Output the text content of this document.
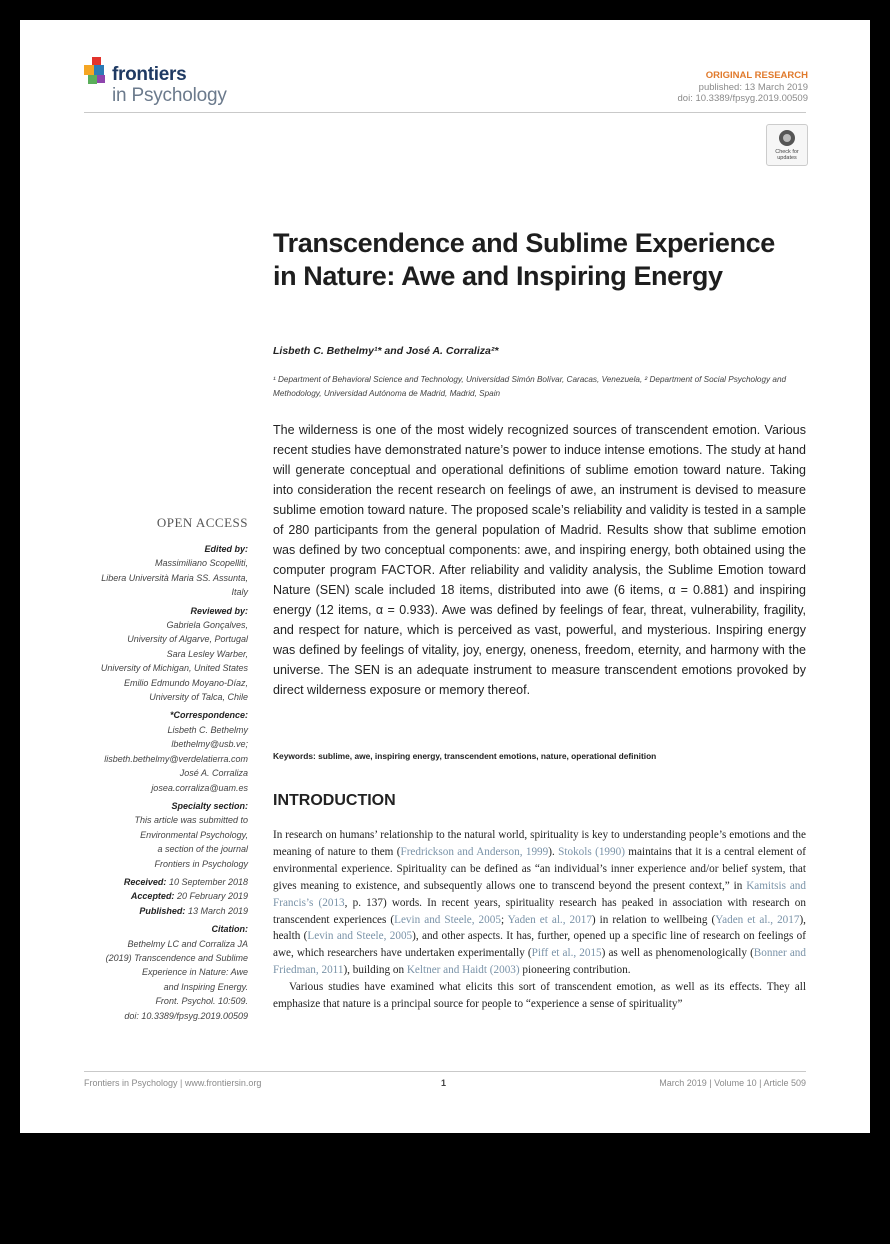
frontiers
in Psychology
ORIGINAL RESEARCH
published: 13 March 2019
doi: 10.3389/fpsyg.2019.00509
Check for updates
Transcendence and Sublime Experience in Nature: Awe and Inspiring Energy
Lisbeth C. Bethelmy¹* and José A. Corraliza²*
¹ Department of Behavioral Science and Technology, Universidad Simón Bolívar, Caracas, Venezuela, ² Department of Social Psychology and Methodology, Universidad Autónoma de Madrid, Madrid, Spain
The wilderness is one of the most widely recognized sources of transcendent emotion. Various recent studies have demonstrated nature’s power to induce intense emotions. The study at hand will generate conceptual and operational definitions of sublime emotion toward nature. Taking into consideration the recent research on feelings of awe, an instrument is devised to measure sublime emotion toward nature. The proposed scale’s reliability and validity is tested in a sample of 280 participants from the general population of Madrid. Results show that sublime emotion was defined by two conceptual components: awe, and inspiring energy, both obtained using the computer program FACTOR. After reliability and validity analysis, the Sublime Emotion toward Nature (SEN) scale included 18 items, distributed into awe (6 items, α = 0.881) and inspiring energy (12 items, α = 0.933). Awe was defined by feelings of fear, threat, vulnerability, fragility, and respect for nature, which is perceived as vast, powerful, and mysterious. Inspiring energy was defined by feelings of vitality, joy, energy, oneness, freedom, eternity, and harmony with the universe. The SEN is an adequate instrument to measure transcendent emotions provoked by direct wilderness exposure or memory thereof.
Keywords: sublime, awe, inspiring energy, transcendent emotions, nature, operational definition
INTRODUCTION

In research on humans’ relationship to the natural world, spirituality is key to understanding people’s emotions and the meaning of nature to them (Fredrickson and Anderson, 1999). Stokols (1990) maintains that it is a central element of environmental experience. Spirituality can be defined as “an individual’s inner experience and/or belief system, that gives meaning to existence, and subsequently allows one to transcend beyond the present context,” in Kamitsis and Francis’s (2013, p. 137) words. In recent years, spirituality research has peaked in association with research on transcendent experiences (Levin and Steele, 2005; Yaden et al., 2017) in relation to wellbeing (Yaden et al., 2017), health (Levin and Steele, 2005), and other aspects. It has, further, opened up a specific line of research on feelings of awe, which researchers have undertaken experimentally (Piff et al., 2015) as well as phenomenologically (Bonner and Friedman, 2011), building on Keltner and Haidt (2003) pioneering contribution.

Various studies have examined what elicits this sort of transcendent emotion, as well as its effects. They all emphasize that nature is a principal source for people to “experience a sense of spirituality”

OPEN ACCESS
Edited by:
Massimiliano Scopelliti,
Libera Università Maria SS. Assunta,
Italy
Reviewed by:
Gabriela Gonçalves,
University of Algarve, Portugal
Sara Lesley Warber,
University of Michigan, United States
Emilio Edmundo Moyano-Díaz,
University of Talca, Chile
*Correspondence:
Lisbeth C. Bethelmy
lbethelmy@usb.ve;
lisbeth.bethelmy@verdelatierra.com
José A. Corraliza
josea.corraliza@uam.es
Specialty section:
This article was submitted to
Environmental Psychology,
a section of the journal
Frontiers in Psychology
Received: 10 September 2018
Accepted: 20 February 2019
Published: 13 March 2019
Citation:
Bethelmy LC and Corraliza JA
(2019) Transcendence and Sublime
Experience in Nature: Awe
and Inspiring Energy.
Front. Psychol. 10:509.
doi: 10.3389/fpsyg.2019.00509
Frontiers in Psychology | www.frontiersin.org	1	March 2019 | Volume 10 | Article 509
